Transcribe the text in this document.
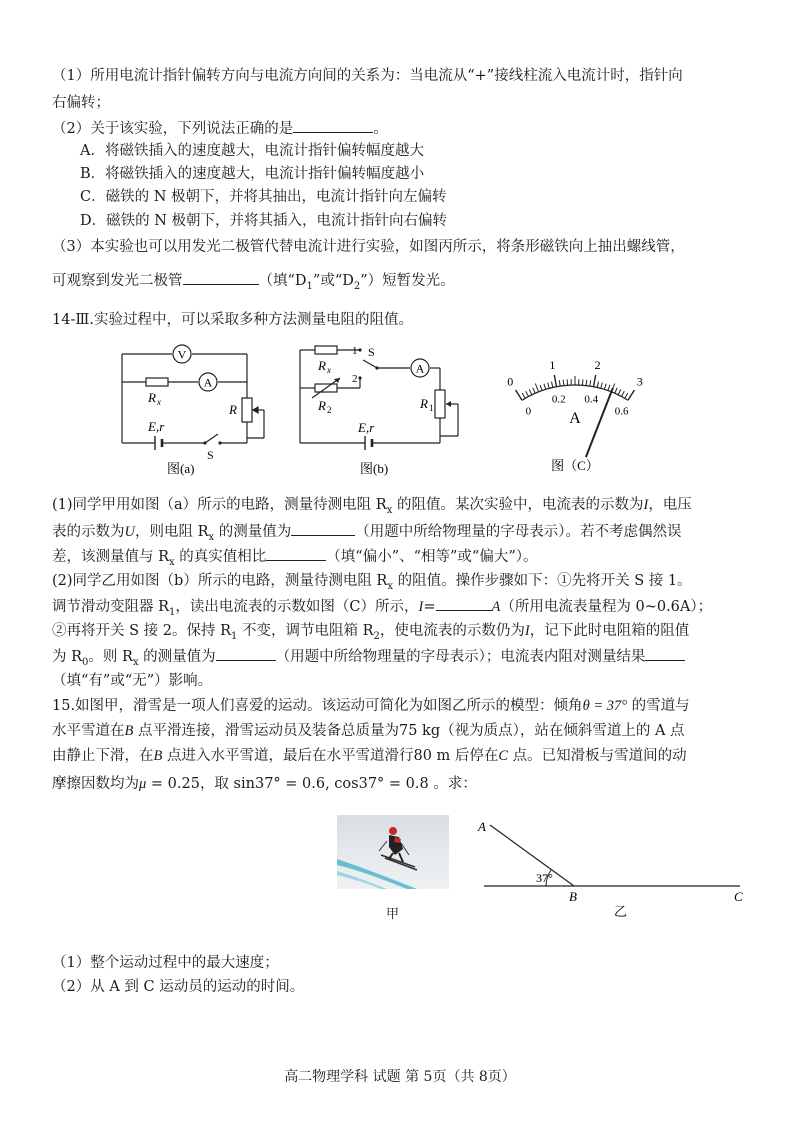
（1）所用电流计指针偏转方向与电流方向间的关系为：当电流从“+”接线柱流入电流计时，指针向
右偏转；
（2）关于该实验，下列说法正确的是	。
A．将磁铁插入的速度越大，电流计指针偏转幅度越大
B．将磁铁插入的速度越大，电流计指针偏转幅度越小
C．磁铁的 N 极朝下，并将其抽出，电流计指针向左偏转
D．磁铁的 N 极朝下，并将其插入，电流计指针向右偏转
（3）本实验也可以用发光二极管代替电流计进行实验，如图丙所示，将条形磁铁向上抽出螺线管，
可观察到发光二极管	（填“$D_1$”或“$D_2$”）短暂发光。
14-Ⅲ.实验过程中，可以采取多种方法测量电阻的阻值。
V
A
R x	R
E,r
S
图(a)
A
R x
R 2	R 1
1
2
S
E,r
图(b)
0
1	2
3
0
0.2 0.4
0.6
A
图（C）
(1)同学甲用如图（a）所示的电路，测量待测电阻 $R_x$ 的阻值。某次实验中，电流表的示数为I，电压
表的示数为U，则电阻 $R_x$ 的测量值为	（用题中所给物理量的字母表示）。若不考虑偶然误
差，该测量值与 $R_x$ 的真实值相比	（填“偏小”、“相等”或“偏大”）。
(2)同学乙用如图（b）所示的电路，测量待测电阻 $R_x$ 的阻值。操作步骤如下：①先将开关 S 接 1。
调节滑动变阻器 $R_1$，读出电流表的示数如图（C）所示，I=	A（所用电流表量程为 0~0.6A）；
②再将开关 S 接 2。保持 $R_1$ 不变，调节电阻箱 $R_2$，使电流表的示数仍为I，记下此时电阻箱的阻值
为 $R_0$。则 $R_x$ 的测量值为	（用题中所给物理量的字母表示）；电流表内阻对测量结果
（填“有”或“无”）影响。
15.如图甲，滑雪是一项人们喜爱的运动。该运动可简化为如图乙所示的模型：倾角θ = 37° 的雪道与
水平雪道在B 点平滑连接，滑雪运动员及装备总质量为75 kg（视为质点），站在倾斜雪道上的 A 点
由静止下滑，在B 点进入水平雪道，最后在水平雪道滑行80 m 后停在C 点。已知滑板与雪道间的动
摩擦因数均为μ = 0.25，取 sin37° = 0.6, cos37° = 0.8 。求：
甲
A
B	C
37°
乙
（1）整个运动过程中的最大速度；
（2）从 A 到 C 运动员的运动的时间。
高二物理学科 试题 第 5页（共 8页）
